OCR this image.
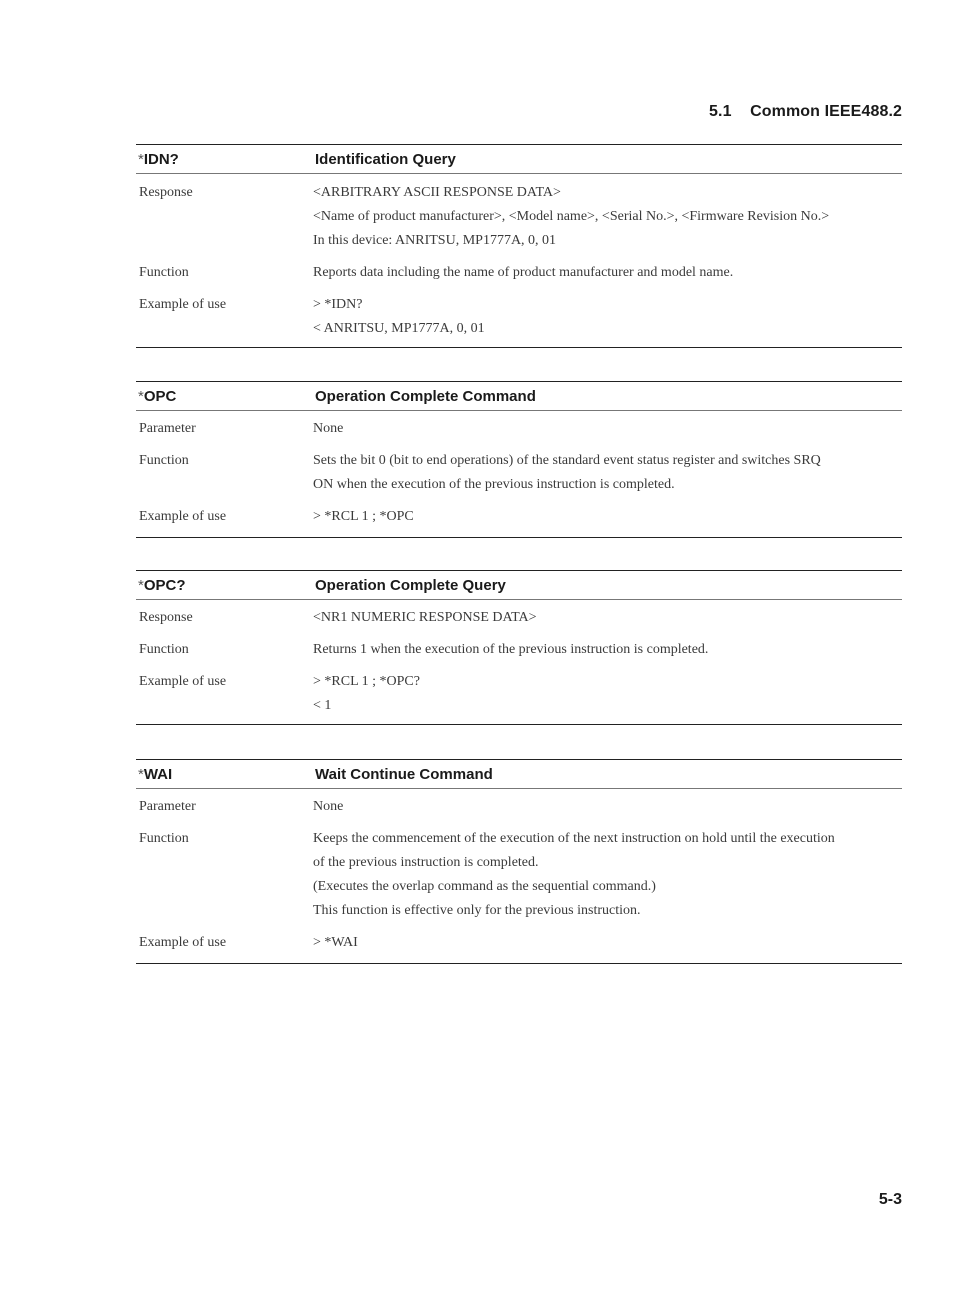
5.1 Common IEEE488.2
*IDN?	Identification Query
Response	<ARBITRARY ASCII RESPONSE DATA>
<Name of product manufacturer>, <Model name>, <Serial No.>, <Firmware Revision No.>
In this device: ANRITSU, MP1777A, 0, 01
Function	Reports data including the name of product manufacturer and model name.
Example of use	> *IDN?
< ANRITSU, MP1777A, 0, 01
*OPC	Operation Complete Command
Parameter	None
Function	Sets the bit 0 (bit to end operations) of the standard event status register and switches SRQ
ON when the execution of the previous instruction is completed.
Example of use	> *RCL 1 ; *OPC
*OPC?	Operation Complete Query
Response	<NR1 NUMERIC RESPONSE DATA>
Function	Returns 1 when the execution of the previous instruction is completed.
Example of use	> *RCL 1 ; *OPC?
< 1
*WAI	Wait Continue Command
Parameter	None
Function	Keeps the commencement of the execution of the next instruction on hold until the execution
of the previous instruction is completed.
(Executes the overlap command as the sequential command.)
This function is effective only for the previous instruction.
Example of use	> *WAI
5-3
